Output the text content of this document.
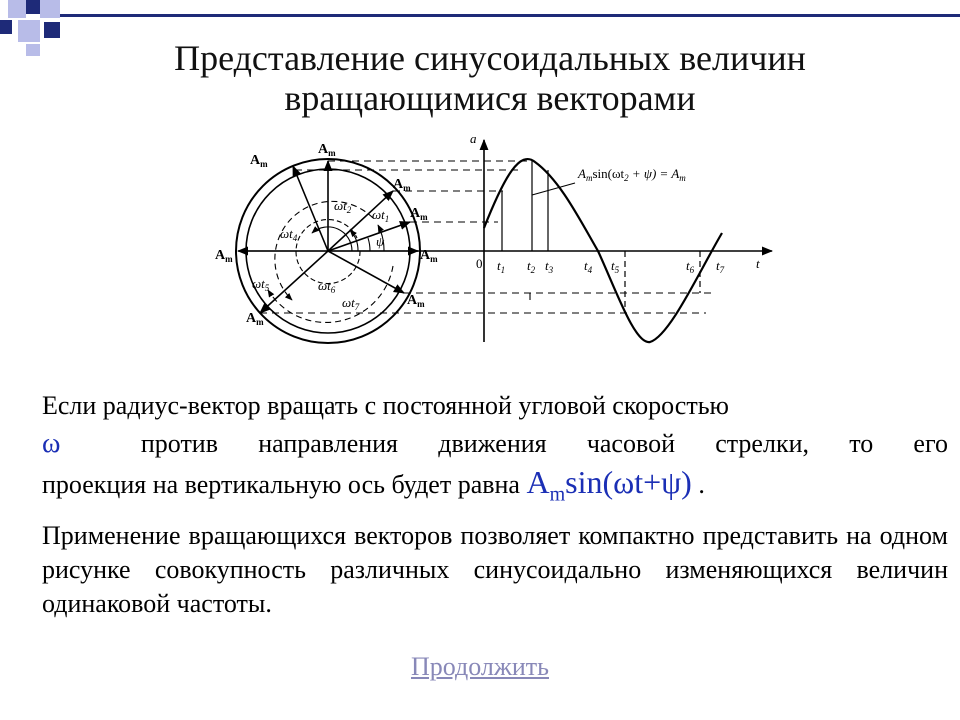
Представление синусоидальных величин
вращающимися векторами
$A_m$
$A_m$
$A_m$
$A_m$
$A_m$	$A_m$
$A_m$
$A_m$
$\omega t_2$ $\omega t_1$
$\omega t_4$
$\omega t_5$	$\omega t_6$
$\omega t_7$
ψ
a
t
0 $t_1$ $t_2$ $t_3$ $t_4$ $t_5$	$t_6$ $t_7$
$A_m\sin(\omega t_2 + \psi) = A_m$
Если радиус-вектор вращать с постоянной угловой скоростью
ω	против направления движения часовой стрелки, то его
проекция на вертикальную ось будет равна $A_m\sin(\omega t+\psi)$ .
Применение вращающихся векторов позволяет компактно представить на одном рисунке совокупность различных синусоидально изменяющихся величин одинаковой частоты.
Продолжить
